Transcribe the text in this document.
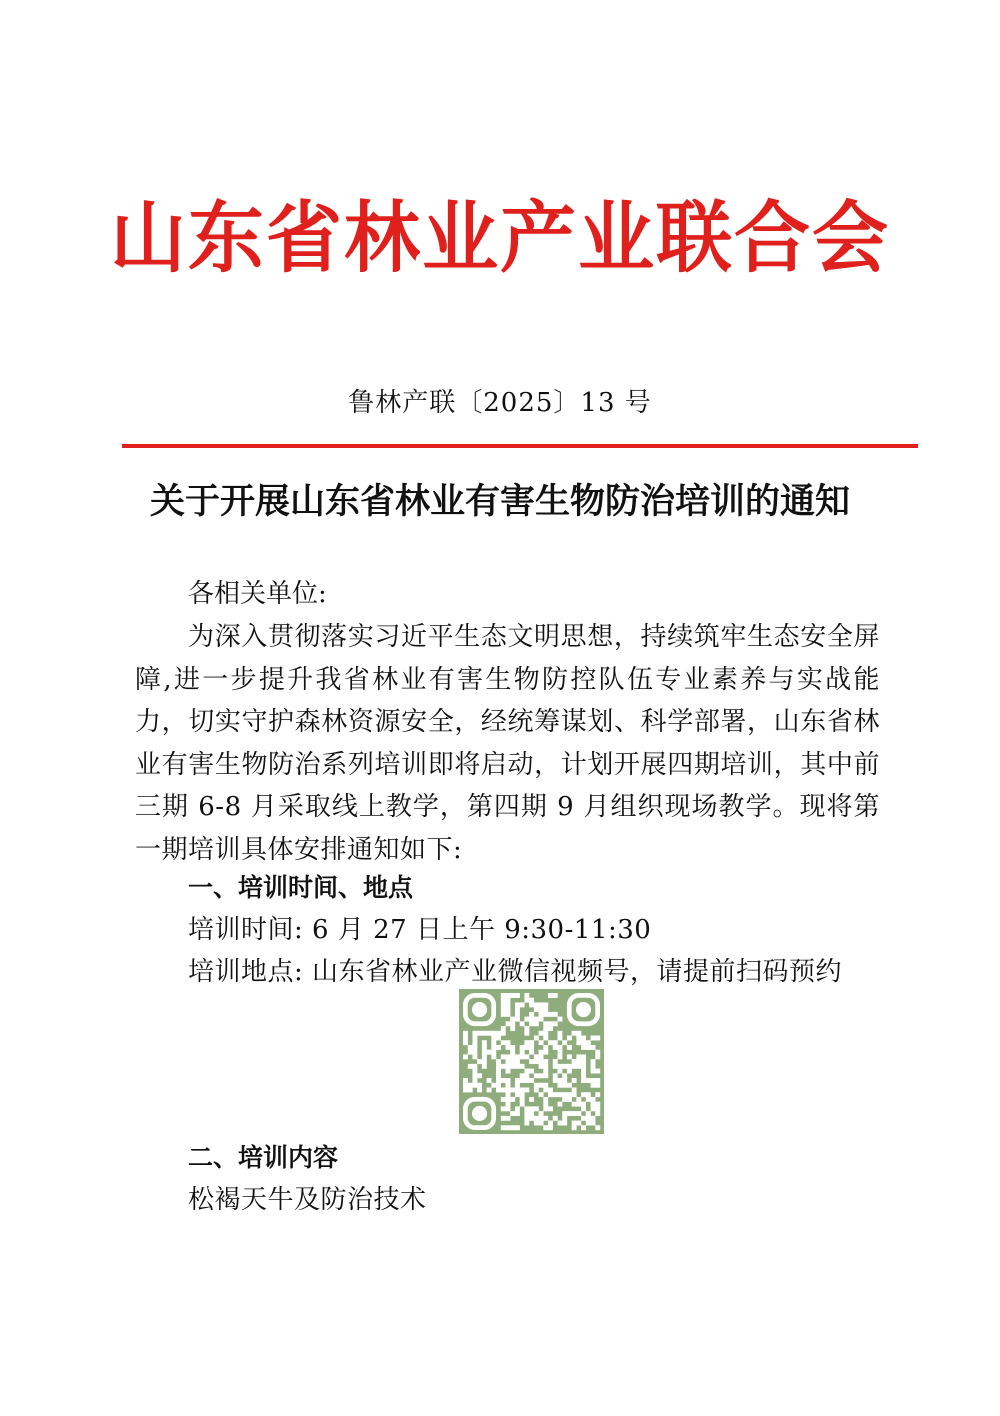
山东省林业产业联合会
鲁林产联〔2025〕13 号
关于开展山东省林业有害生物防治培训的通知
各相关单位:

为深入贯彻落实习近平生态文明思想，持续筑牢生态安全屏障,进一步提升我省林业有害生物防控队伍专业素养与实战能力，切实守护森林资源安全，经统筹谋划、科学部署，山东省林业有害生物防治系列培训即将启动，计划开展四期培训，其中前三期 6-8 月采取线上教学，第四期 9 月组织现场教学。现将第一期培训具体安排通知如下:

一、培训时间、地点
培训时间: 6 月 27 日上午 9:30-11:30
培训地点: 山东省林业产业微信视频号，请提前扫码预约
二、培训内容
松褐天牛及防治技术
